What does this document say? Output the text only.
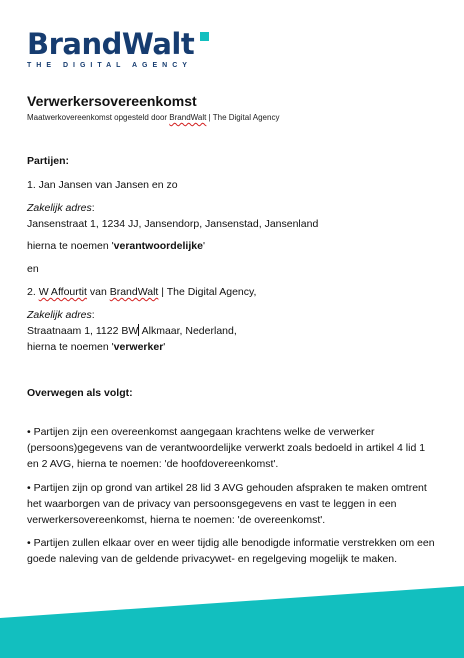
BrandWalt
THE DIGITAL AGENCY
Verwerkersovereenkomst
Maatwerkovereenkomst opgesteld door BrandWalt | The Digital Agency
Partijen:
1. Jan Jansen van Jansen en zo
Zakelijk adres:
Jansenstraat 1, 1234 JJ, Jansendorp, Jansenstad, Jansenland
hierna te noemen 'verantwoordelijke'
en
2. W Affourtit van BrandWalt | The Digital Agency,
Zakelijk adres:
Straatnaam 1, 1122 BW Alkmaar, Nederland,
hierna te noemen 'verwerker'
Overwegen als volgt:
• Partijen zijn een overeenkomst aangegaan krachtens welke de verwerker (persoons)gegevens van de verantwoordelijke verwerkt zoals bedoeld in artikel 4 lid 1 en 2 AVG, hierna te noemen: 'de hoofdovereenkomst'.
• Partijen zijn op grond van artikel 28 lid 3 AVG gehouden afspraken te maken omtrent het waarborgen van de privacy van persoonsgegevens en vast te leggen in een verwerkersovereenkomst, hierna te noemen: 'de overeenkomst'.
• Partijen zullen elkaar over en weer tijdig alle benodigde informatie verstrekken om een goede naleving van de geldende privacywet- en regelgeving mogelijk te maken.
